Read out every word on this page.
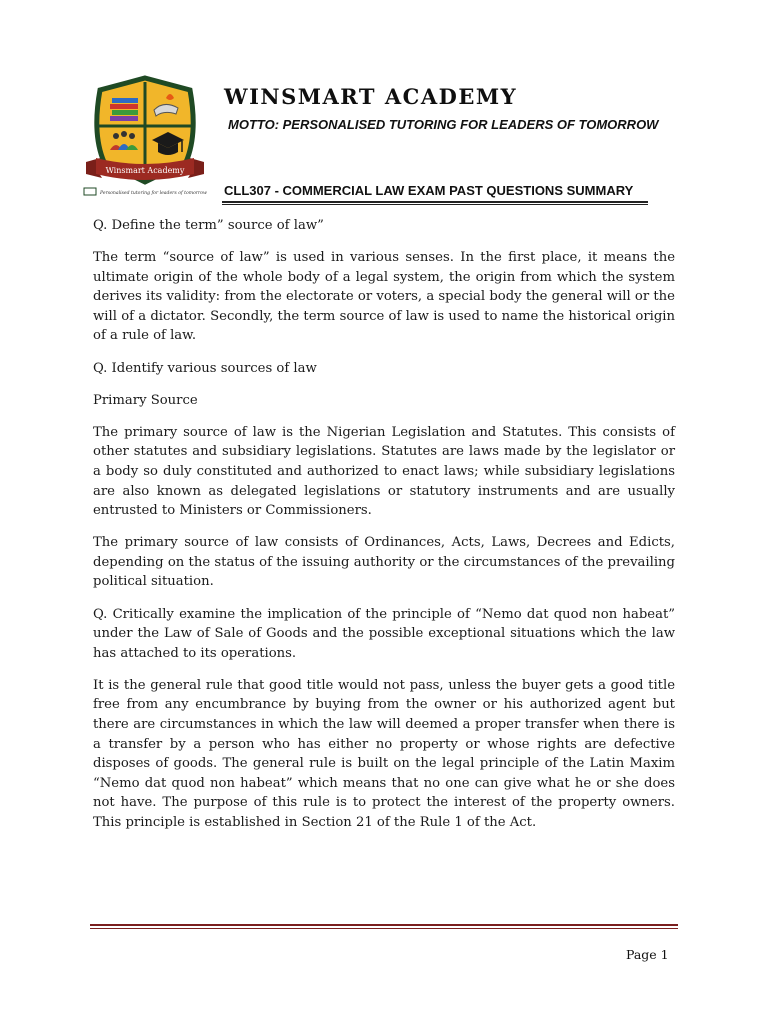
Winsmart Academy
Personalised tutoring for leaders of tomorrow
WINSMART ACADEMY
MOTTO: PERSONALISED TUTORING FOR LEADERS OF TOMORROW
CLL307 - COMMERCIAL LAW EXAM PAST QUESTIONS SUMMARY

Q. Define the term” source of law”

The term “source of law” is used in various senses. In the first place, it means the ultimate origin of the whole body of a legal system, the origin from which the system derives its validity: from the electorate or voters, a special body the general will or the will of a dictator. Secondly, the term source of law is used to name the historical origin of a rule of law.

Q. Identify various sources of law

Primary Source

The primary source of law is the Nigerian Legislation and Statutes. This consists of other statutes and subsidiary legislations. Statutes are laws made by the legislator or a body so duly constituted and authorized to enact laws; while subsidiary legislations are also known as delegated legislations or statutory instruments and are usually entrusted to Ministers or Commissioners.

The primary source of law consists of Ordinances, Acts, Laws, Decrees and Edicts, depending on the status of the issuing authority or the circumstances of the prevailing political situation.

Q. Critically examine the implication of the principle of “Nemo dat quod non habeat” under the Law of Sale of Goods and the possible exceptional situations which the law has attached to its operations.

It is the general rule that good title would not pass, unless the buyer gets a good title free from any encumbrance by buying from the owner or his authorized agent but there are circumstances in which the law will deemed a proper transfer when there is a transfer by a person who has either no property or whose rights are defective disposes of goods. The general rule is built on the legal principle of the Latin Maxim “Nemo dat quod non habeat” which means that no one can give what he or she does not have. The purpose of this rule is to protect the interest of the property owners. This principle is established in Section 21 of the Rule 1 of the Act.

Page 1
